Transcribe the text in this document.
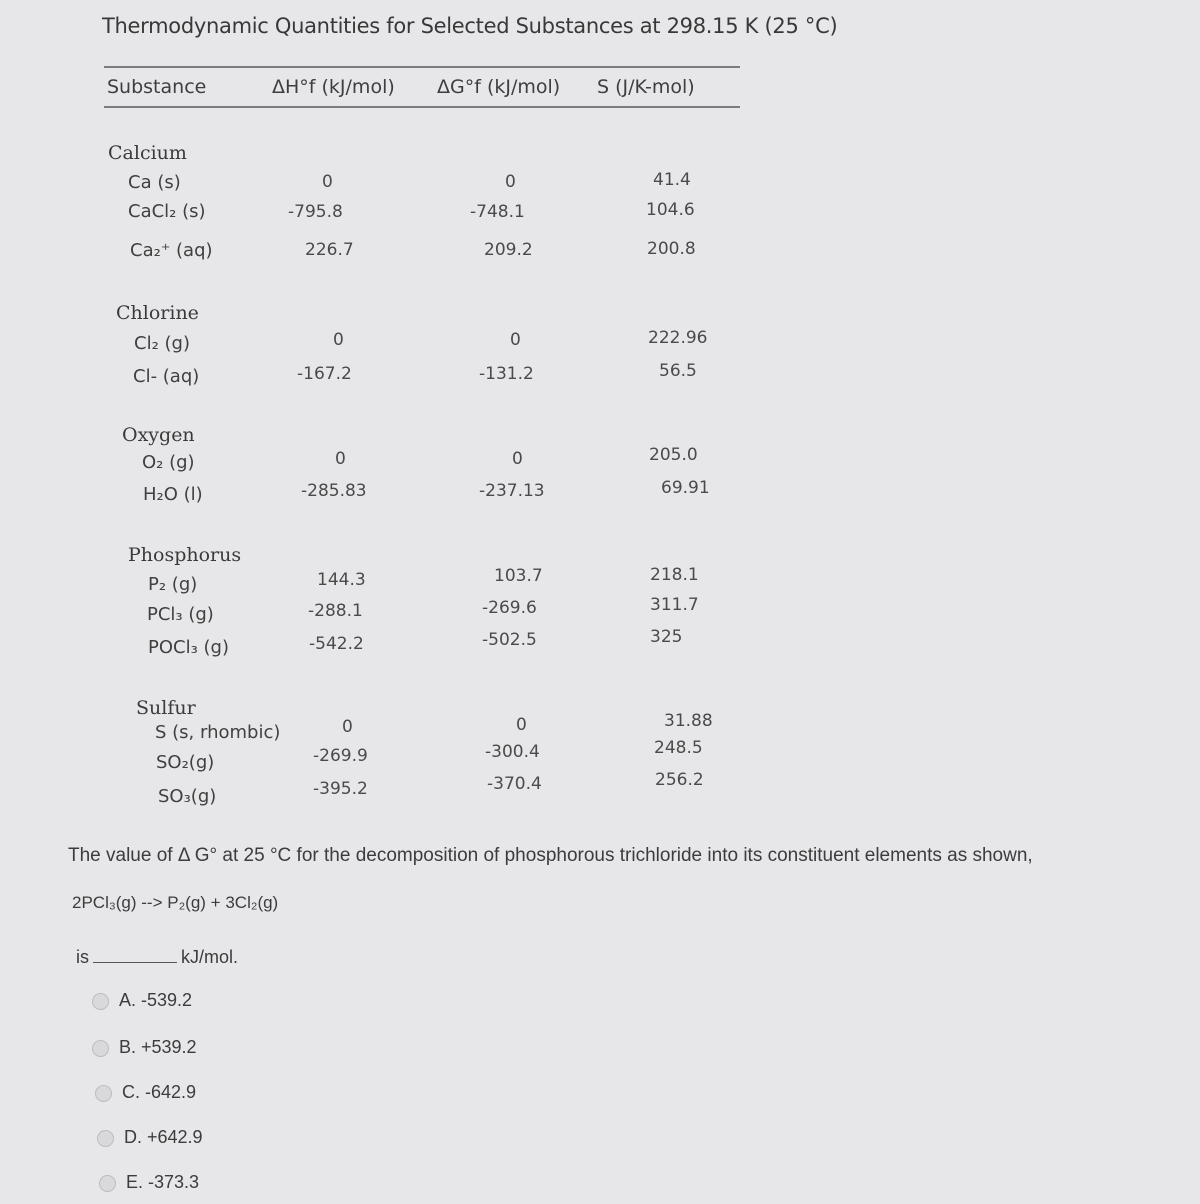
Thermodynamic Quantities for Selected Substances at 298.15 K (25 °C)
Substance	ΔH°f (kJ/mol) ΔG°f (kJ/mol) S (J/K-mol)
Calcium
Ca (s)	0	0	41.4
CaCl₂ (s)	-795.8	-748.1	104.6
Ca₂⁺ (aq)	226.7	209.2	200.8
Chlorine
Cl₂ (g)	0	0	222.96
Cl- (aq)	-167.2	-131.2	56.5
Oxygen
O₂ (g)	0	0	205.0
H₂O (l)	-285.83	-237.13	69.91
Phosphorus
P₂ (g)	144.3	103.7	218.1
PCl₃ (g)	-288.1	-269.6	311.7
POCl₃ (g)	-542.2	-502.5	325
Sulfur
S (s, rhombic)	0	0	31.88
SO₂(g)	-269.9	-300.4	248.5
SO₃(g)	-395.2	-370.4	256.2
The value of Δ G° at 25 °C for the decomposition of phosphorous trichloride into its constituent elements as shown,
2PCl₃(g) --> P₂(g) + 3Cl₂(g)
is	kJ/mol.
A. -539.2
B. +539.2
C. -642.9
D. +642.9
E. -373.3
